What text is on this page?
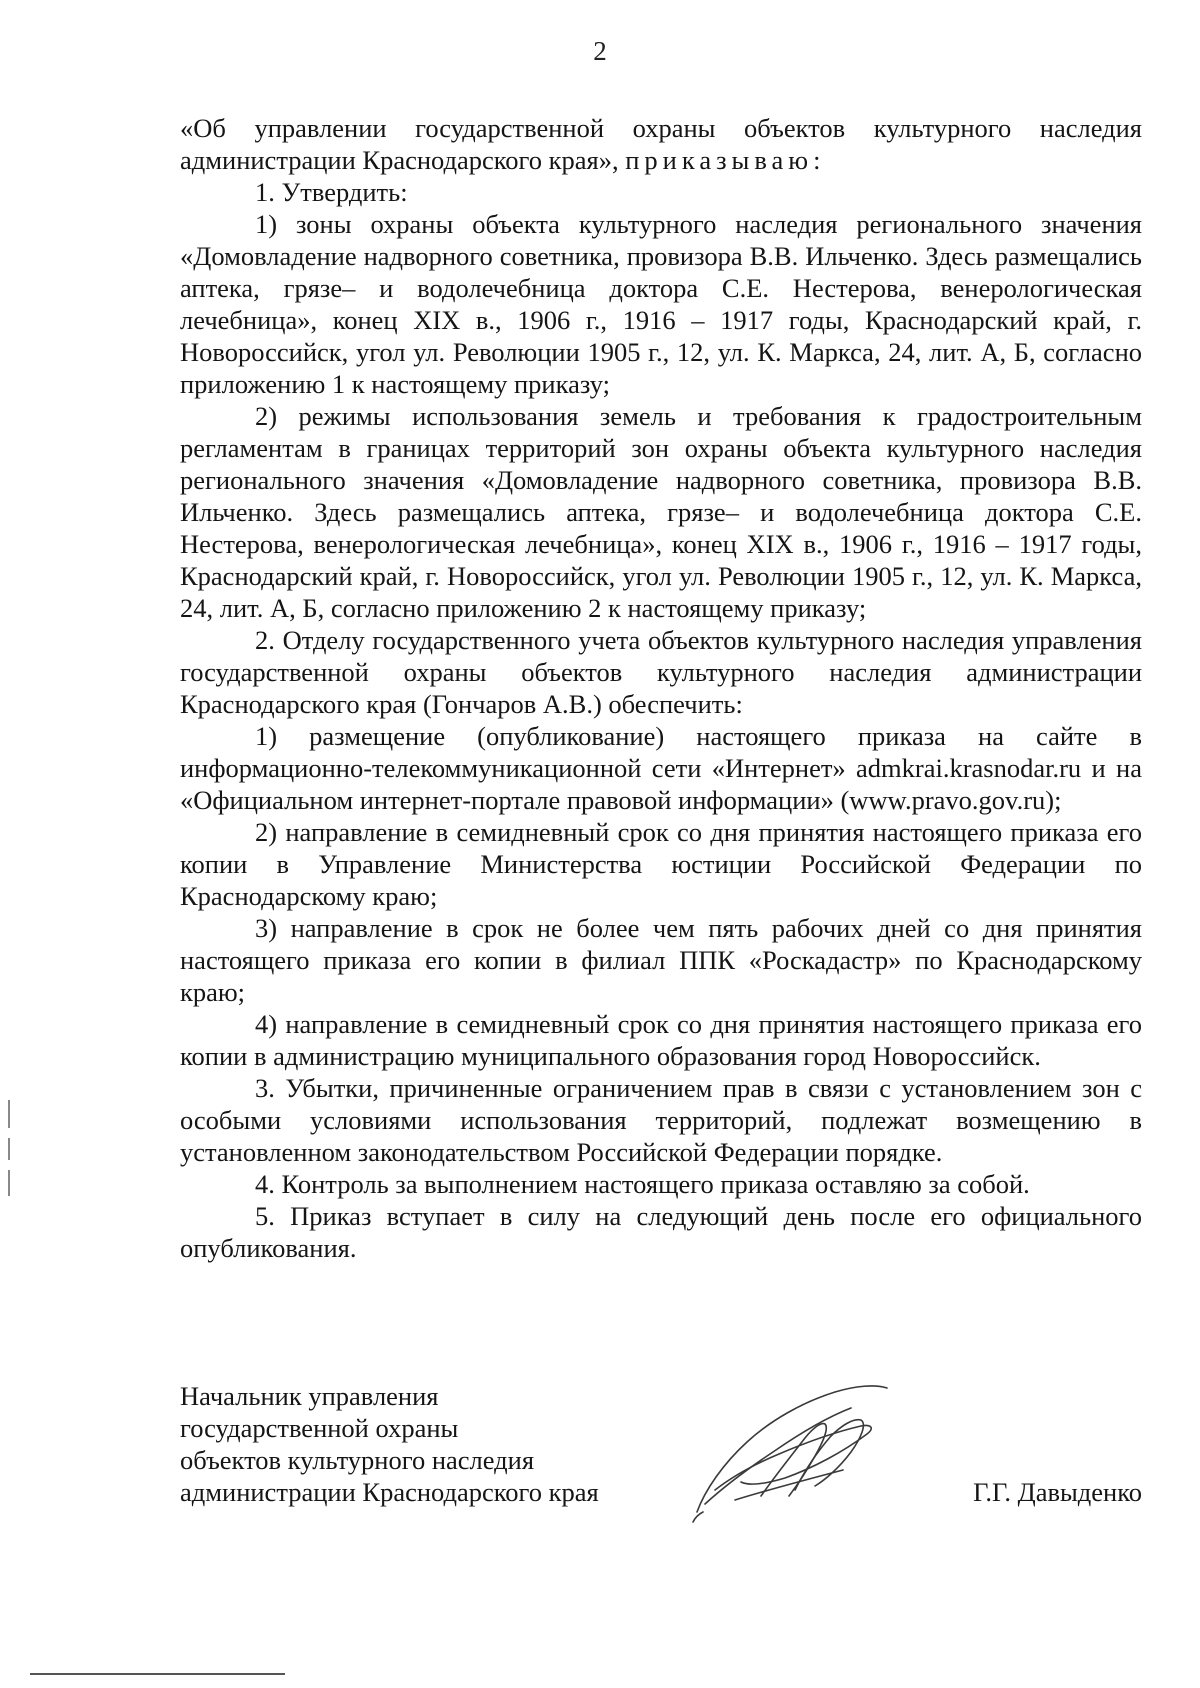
2

«Об управлении государственной охраны объектов культурного наследия администрации Краснодарского края», приказываю:

1. Утвердить:

1) зоны охраны объекта культурного наследия регионального значения «Домовладение надворного советника, провизора В.В. Ильченко. Здесь размещались аптека, грязе– и водолечебница доктора С.Е. Нестерова, венерологическая лечебница», конец XIX в., 1906 г., 1916 – 1917 годы, Краснодарский край, г. Новороссийск, угол ул. Революции 1905 г., 12, ул. К. Маркса, 24, лит. А, Б, согласно приложению 1 к настоящему приказу;

2) режимы использования земель и требования к градостроительным регламентам в границах территорий зон охраны объекта культурного наследия регионального значения «Домовладение надворного советника, провизора В.В. Ильченко. Здесь размещались аптека, грязе– и водолечебница доктора С.Е. Нестерова, венерологическая лечебница», конец XIX в., 1906 г., 1916 – 1917 годы, Краснодарский край, г. Новороссийск, угол ул. Революции 1905 г., 12, ул. К. Маркса, 24, лит. А, Б, согласно приложению 2 к настоящему приказу;

2. Отделу государственного учета объектов культурного наследия управления государственной охраны объектов культурного наследия администрации Краснодарского края (Гончаров А.В.) обеспечить:

1) размещение (опубликование) настоящего приказа на сайте в информационно-телекоммуникационной сети «Интернет» admkrai.krasnodar.ru и на «Официальном интернет-портале правовой информации» (www.pravo.gov.ru);

2) направление в семидневный срок со дня принятия настоящего приказа его копии в Управление Министерства юстиции Российской Федерации по Краснодарскому краю;

3) направление в срок не более чем пять рабочих дней со дня принятия настоящего приказа его копии в филиал ППК «Роскадастр» по Краснодарскому краю;

4) направление в семидневный срок со дня принятия настоящего приказа его копии в администрацию муниципального образования город Новороссийск.

3. Убытки, причиненные ограничением прав в связи с установлением зон с особыми условиями использования территорий, подлежат возмещению в установленном законодательством Российской Федерации порядке.

4. Контроль за выполнением настоящего приказа оставляю за собой.

5. Приказ вступает в силу на следующий день после его официального опубликования.

Начальник управления
государственной охраны
объектов культурного наследия
администрации Краснодарского края	Г.Г. Давыденко
